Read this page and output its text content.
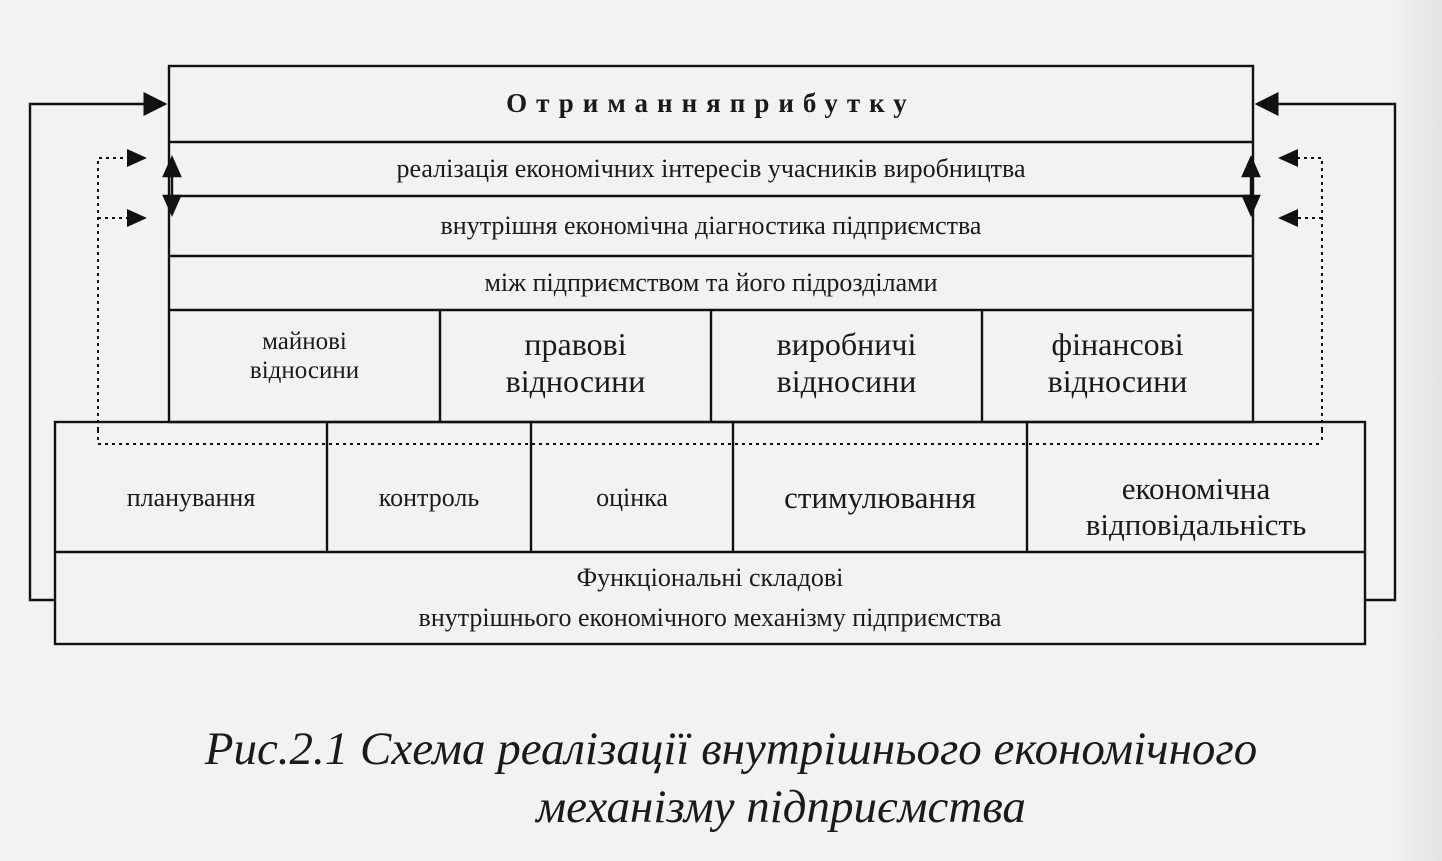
Отриманняприбутку
реалізація економічних інтересів учасників виробництва
внутрішня економічна діагностика підприємства
між підприємством та його підрозділами
майнові
відносини
правові
відносини
виробничі
відносини
фінансові
відносини
планування	контроль	оцінка	стимулювання	економічна
відповідальність
Функціональні складові
внутрішнього економічного механізму підприємства
Рис.2.1 Схема реалізації внутрішнього економічного
механізму підприємства
